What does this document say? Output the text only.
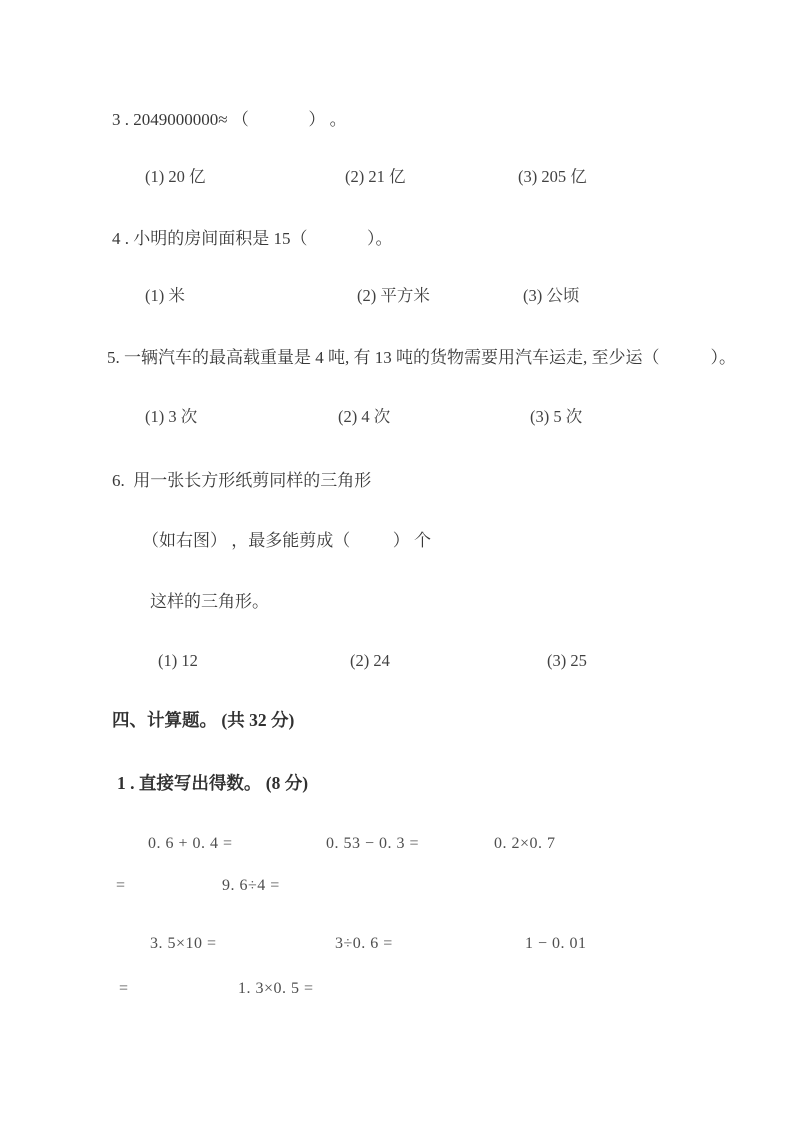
3 . 2049000000≈ （              ） 。
(1) 20 亿	(2) 21 亿	(3) 205 亿
4 . 小明的房间面积是 15（              ）。
(1) 米	(2) 平方米	(3) 公顷
5. 一辆汽车的最高载重量是 4 吨, 有 13 吨的货物需要用汽车运走, 至少运（            ）。
(1) 3 次	(2) 4 次	(3) 5 次
6.  用一张长方形纸剪同样的三角形
（如右图） ，最多能剪成（          ） 个
这样的三角形。
(1) 12	(2) 24	(3) 25
四、计算题。 (共 32 分)
1 . 直接写出得数。 (8 分)
0. 6 + 0. 4 =	0. 53 − 0. 3 =	0. 2×0. 7
=	9. 6÷4 =
3. 5×10 =	3÷0. 6 =	1 − 0. 01
=	1. 3×0. 5 =
